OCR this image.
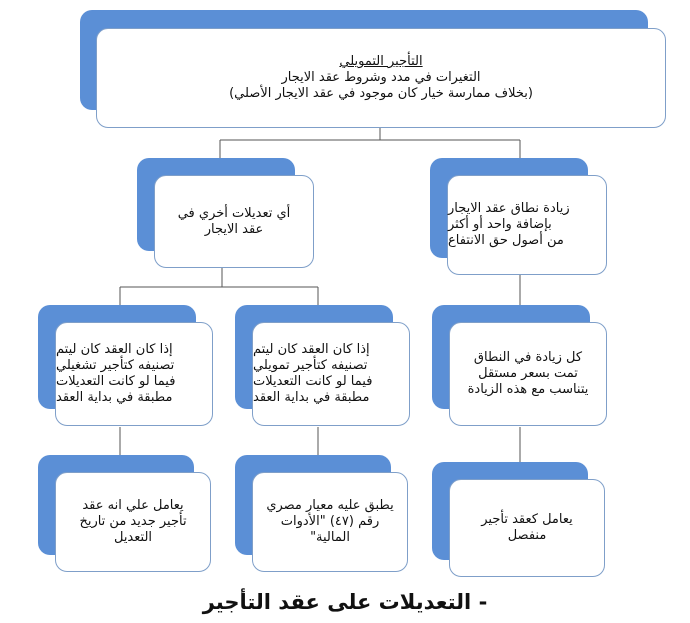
التأجير التمويلي
التغيرات في مدد وشروط عقد الايجار
(بخلاف ممارسة خيار كان موجود في عقد الايجار الأصلي)
زيادة نطاق عقد الايجار
بإضافة واحد أو أكثر
من أصول حق الانتفاع
أي تعديلات أخري في
عقد الايجار
كل زيادة في النطاق
تمت بسعر مستقل
يتناسب مع هذه الزيادة
إذا كان العقد كان ليتم
تصنيفه كتأجير تمويلي
فيما لو كانت التعديلات
مطبقة في بداية العقد
إذا كان العقد كان ليتم
تصنيفه كتأجير تشغيلي
فيما لو كانت التعديلات
مطبقة في بداية العقد
يعامل كعقد تأجير
منفصل
يطبق عليه معيار مصري
رقم (٤٧) "الأدوات
المالية"
يعامل علي انه عقد
تأجير جديد من تاريخ
التعديل
- التعديلات على عقد التأجير
